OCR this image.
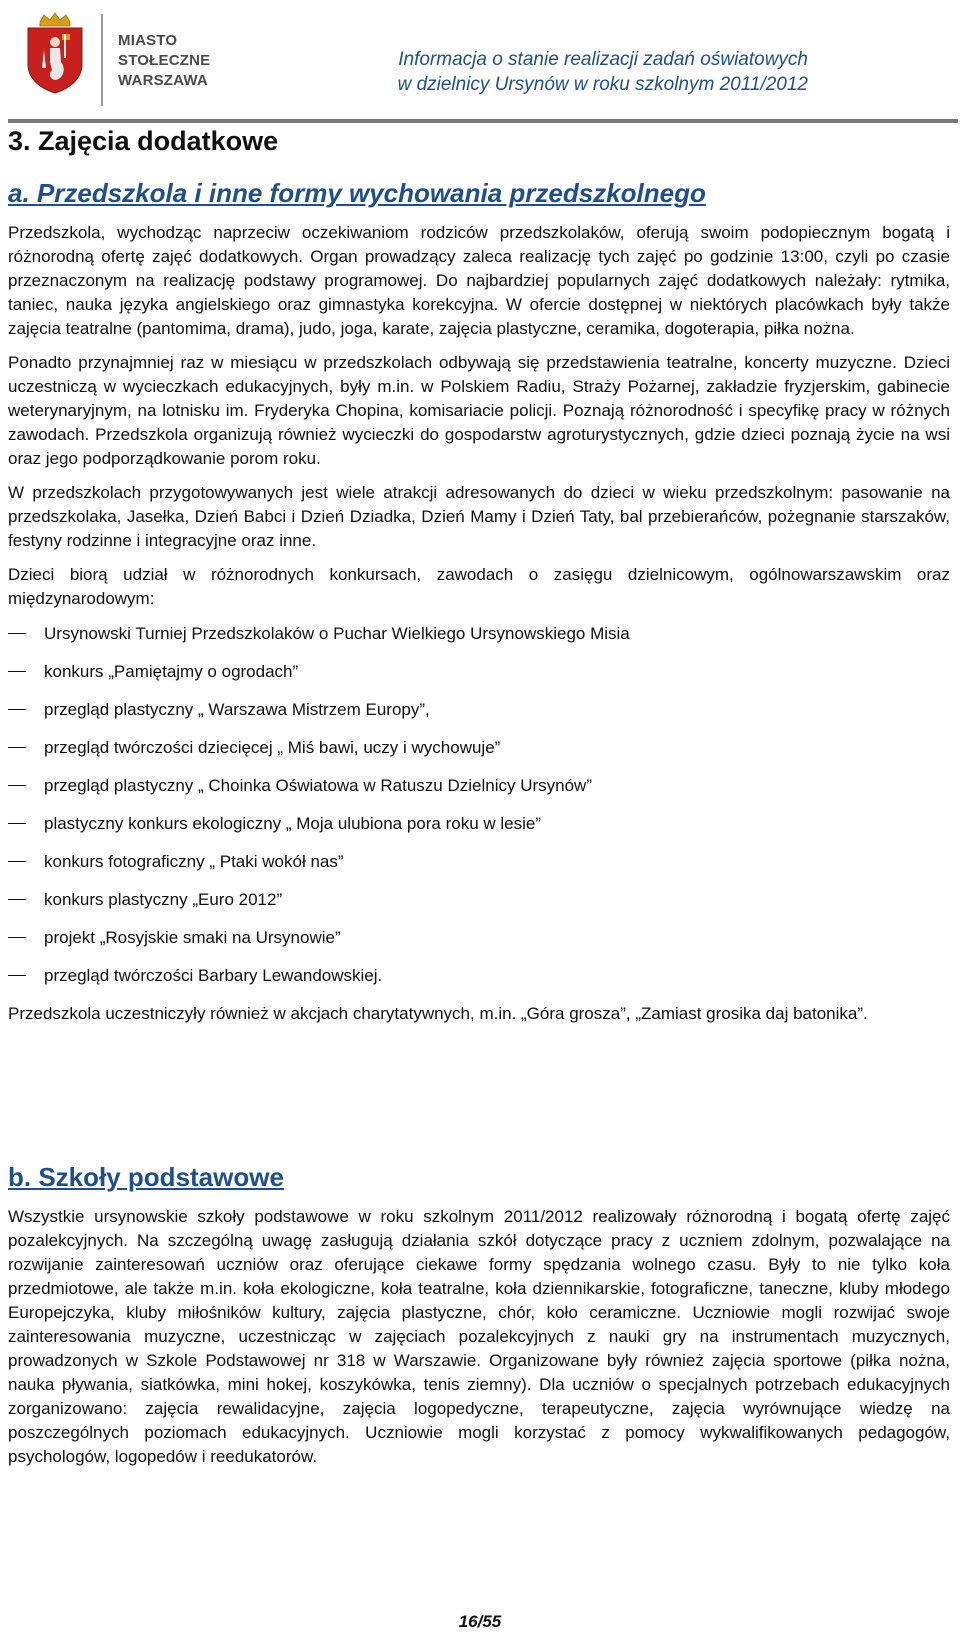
MIASTO
STOŁECZNE
WARSZAWA
Informacja o stanie realizacji zadań oświatowych
w dzielnicy Ursynów w roku szkolnym 2011/2012
3. Zajęcia dodatkowe
a. Przedszkola i inne formy wychowania przedszkolnego

Przedszkola, wychodząc naprzeciw oczekiwaniom rodziców przedszkolaków, oferują swoim podopiecznym bogatą i różnorodną ofertę zajęć dodatkowych. Organ prowadzący zaleca realizację tych zajęć po godzinie 13:00, czyli po czasie przeznaczonym na realizację podstawy programowej. Do najbardziej popularnych zajęć dodatkowych należały: rytmika, taniec, nauka języka angielskiego oraz gimnastyka korekcyjna. W ofercie dostępnej w niektórych placówkach były także zajęcia teatralne (pantomima, drama), judo, joga, karate, zajęcia plastyczne, ceramika, dogoterapia, piłka nożna.

Ponadto przynajmniej raz w miesiącu w przedszkolach odbywają się przedstawienia teatralne, koncerty muzyczne. Dzieci uczestniczą w wycieczkach edukacyjnych, były m.in. w Polskiem Radiu, Straży Pożarnej, zakładzie fryzjerskim, gabinecie weterynaryjnym, na lotnisku im. Fryderyka Chopina, komisariacie policji. Poznają różnorodność i specyfikę pracy w różnych zawodach. Przedszkola organizują również wycieczki do gospodarstw agroturystycznych, gdzie dzieci poznają życie na wsi oraz jego podporządkowanie porom roku.

W przedszkolach przygotowywanych jest wiele atrakcji adresowanych do dzieci w wieku przedszkolnym: pasowanie na przedszkolaka, Jasełka, Dzień Babci i Dzień Dziadka, Dzień Mamy i Dzień Taty, bal przebierańców, pożegnanie starszaków, festyny rodzinne i integracyjne oraz inne.

Dzieci biorą udział w różnorodnych konkursach, zawodach o zasięgu dzielnicowym, ogólnowarszawskim oraz międzynarodowym:

Ursynowski Turniej Przedszkolaków o Puchar Wielkiego Ursynowskiego Misia
konkurs „Pamiętajmy o ogrodach”
przegląd plastyczny „ Warszawa Mistrzem Europy”,
przegląd twórczości dziecięcej „ Miś bawi, uczy i wychowuje”
przegląd plastyczny „ Choinka Oświatowa w Ratuszu Dzielnicy Ursynów”
plastyczny konkurs ekologiczny „ Moja ulubiona pora roku w lesie”
konkurs fotograficzny „ Ptaki wokół nas”
konkurs plastyczny „Euro 2012”
projekt „Rosyjskie smaki na Ursynowie”
przegląd twórczości Barbary Lewandowskiej.

Przedszkola uczestniczyły również w akcjach charytatywnych, m.in. „Góra grosza”, „Zamiast grosika daj batonika”.

b. Szkoły podstawowe

Wszystkie ursynowskie szkoły podstawowe w roku szkolnym 2011/2012 realizowały różnorodną i bogatą ofertę zajęć pozalekcyjnych. Na szczególną uwagę zasługują działania szkół dotyczące pracy z uczniem zdolnym, pozwalające na rozwijanie zainteresowań uczniów oraz oferujące ciekawe formy spędzania wolnego czasu. Były to nie tylko koła przedmiotowe, ale także m.in. koła ekologiczne, koła teatralne, koła dziennikarskie, fotograficzne, taneczne, kluby młodego Europejczyka, kluby miłośników kultury, zajęcia plastyczne, chór, koło ceramiczne. Uczniowie mogli rozwijać swoje zainteresowania muzyczne, uczestnicząc w zajęciach pozalekcyjnych z nauki gry na instrumentach muzycznych, prowadzonych w Szkole Podstawowej nr 318 w Warszawie. Organizowane były również zajęcia sportowe (piłka nożna, nauka pływania, siatkówka, mini hokej, koszykówka, tenis ziemny). Dla uczniów o specjalnych potrzebach edukacyjnych zorganizowano: zajęcia rewalidacyjne, zajęcia logopedyczne, terapeutyczne, zajęcia wyrównujące wiedzę na poszczególnych poziomach edukacyjnych. Uczniowie mogli korzystać z pomocy wykwalifikowanych pedagogów, psychologów, logopedów i reedukatorów.

16/55
